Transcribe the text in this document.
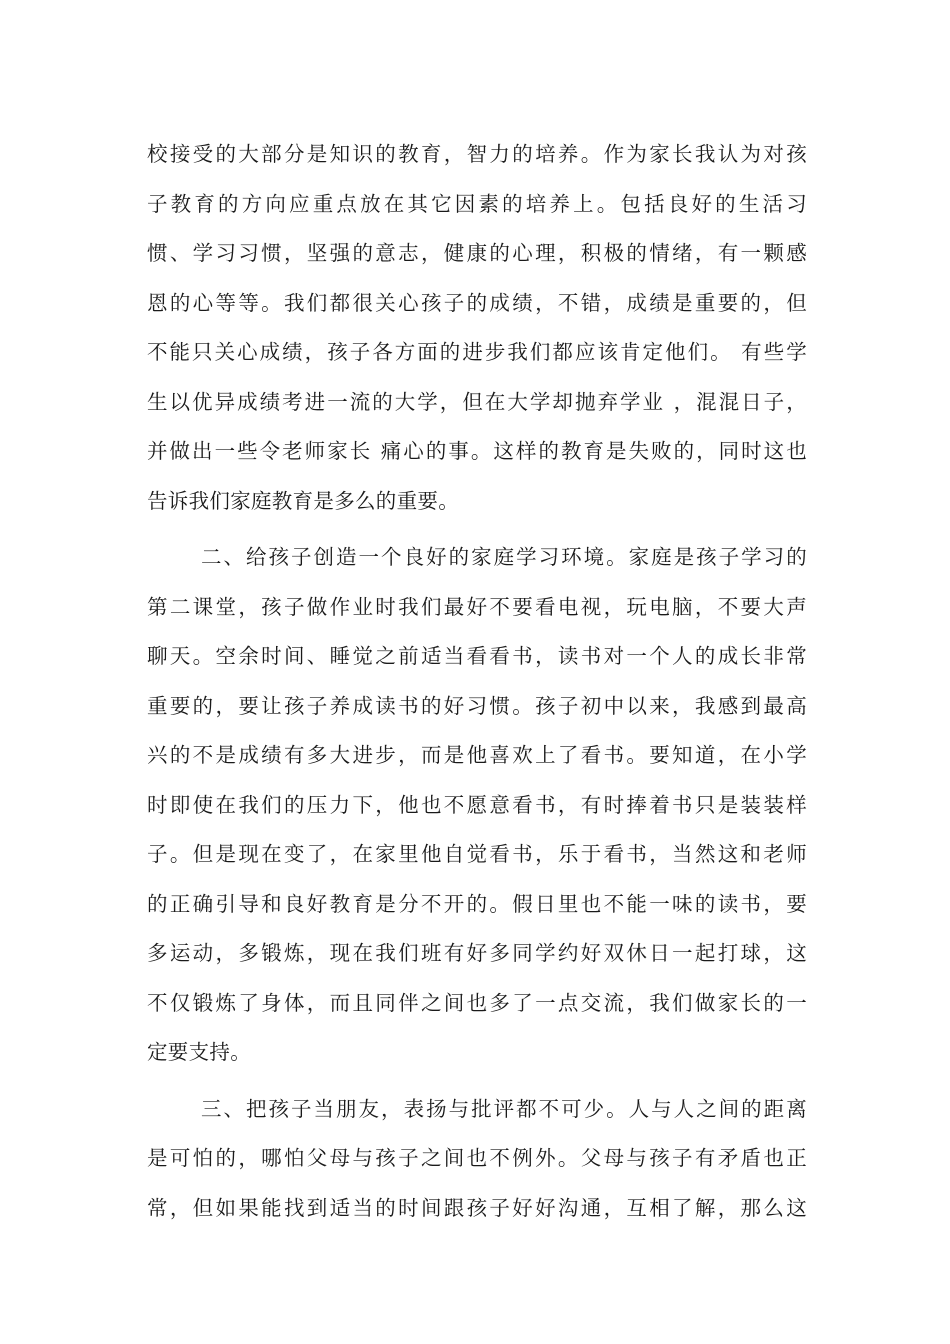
校接受的大部分是知识的教育，智力的培养。作为家长我认为对孩
子教育的方向应重点放在其它因素的培养上。包括良好的生活习
惯、学习习惯，坚强的意志，健康的心理，积极的情绪，有一颗感
恩的心等等。我们都很关心孩子的成绩，不错，成绩是重要的，但
不能只关心成绩，孩子各方面的进步我们都应该肯定他们。 有些学
生以优异成绩考进一流的大学，但在大学却抛弃学业 ，混混日子，
并做出一些令老师家长 痛心的事。这样的教育是失败的，同时这也
告诉我们家庭教育是多么的重要。
二、给孩子创造一个良好的家庭学习环境。家庭是孩子学习的
第二课堂，孩子做作业时我们最好不要看电视，玩电脑，不要大声
聊天。空余时间、睡觉之前适当看看书，读书对一个人的成长非常
重要的，要让孩子养成读书的好习惯。孩子初中以来，我感到最高
兴的不是成绩有多大进步，而是他喜欢上了看书。要知道，在小学
时即使在我们的压力下，他也不愿意看书，有时捧着书只是装装样
子。但是现在变了，在家里他自觉看书，乐于看书，当然这和老师
的正确引导和良好教育是分不开的。假日里也不能一味的读书，要
多运动，多锻炼，现在我们班有好多同学约好双休日一起打球，这
不仅锻炼了身体，而且同伴之间也多了一点交流，我们做家长的一
定要支持。
三、把孩子当朋友，表扬与批评都不可少。人与人之间的距离
是可怕的，哪怕父母与孩子之间也不例外。父母与孩子有矛盾也正
常，但如果能找到适当的时间跟孩子好好沟通，互相了解，那么这
